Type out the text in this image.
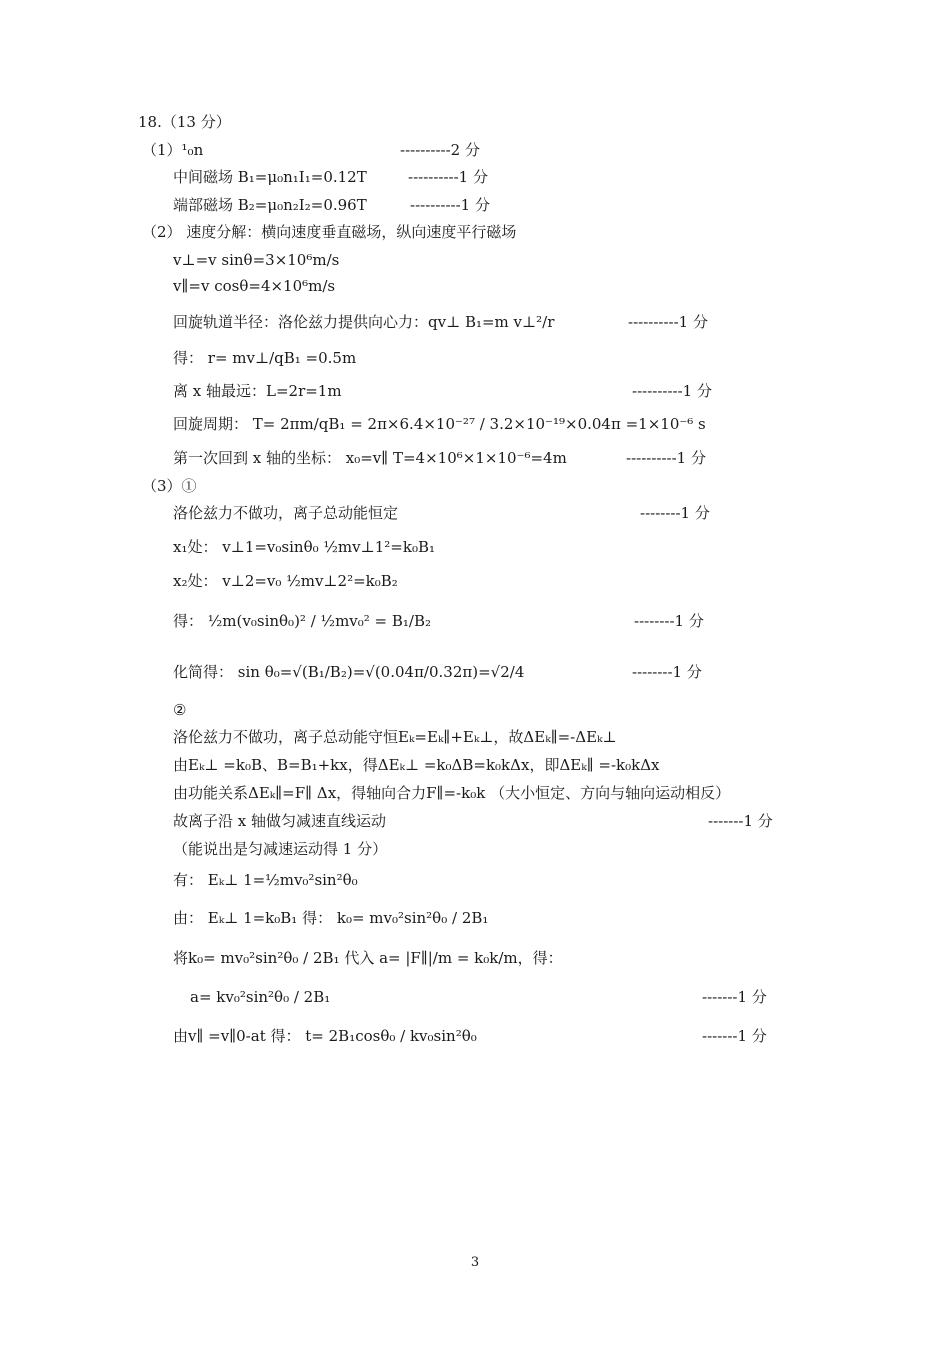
18.（13 分）
（1）¹₀n	----------2 分
中间磁场 B₁=μ₀n₁I₁=0.12T	----------1 分
端部磁场 B₂=μ₀n₂I₂=0.96T	----------1 分
（2） 速度分解：横向速度垂直磁场，纵向速度平行磁场
v⊥=v sinθ=3×10⁶m/s
v∥=v cosθ=4×10⁶m/s
回旋轨道半径：洛伦兹力提供向心力：qv⊥ B₁=m v⊥²/r	----------1 分
得： r= mv⊥/qB₁ =0.5m
离 x 轴最远：L=2r=1m	----------1 分
回旋周期： T= 2πm/qB₁ = 2π×6.4×10⁻²⁷ / 3.2×10⁻¹⁹×0.04π =1×10⁻⁶ s
第一次回到 x 轴的坐标： x₀=v∥ T=4×10⁶×1×10⁻⁶=4m	----------1 分
（3）①
洛伦兹力不做功，离子总动能恒定	--------1 分
x₁处： v⊥1=v₀sinθ₀ ½mv⊥1²=k₀B₁
x₂处： v⊥2=v₀ ½mv⊥2²=k₀B₂
得： ½m(v₀sinθ₀)² / ½mv₀² = B₁/B₂	--------1 分
化简得： sin θ₀=√(B₁/B₂)=√(0.04π/0.32π)=√2/4	--------1 分
②
洛伦兹力不做功，离子总动能守恒Eₖ=Eₖ∥+Eₖ⊥，故ΔEₖ∥=-ΔEₖ⊥
由Eₖ⊥ =k₀B、B=B₁+kx，得ΔEₖ⊥ =k₀ΔB=k₀kΔx，即ΔEₖ∥ =-k₀kΔx
由功能关系ΔEₖ∥=F∥ Δx，得轴向合力F∥=-k₀k （大小恒定、方向与轴向运动相反）
故离子沿 x 轴做匀减速直线运动	-------1 分
（能说出是匀减速运动得 1 分）
有： Eₖ⊥ 1=½mv₀²sin²θ₀
由： Eₖ⊥ 1=k₀B₁ 得： k₀= mv₀²sin²θ₀ / 2B₁
将k₀= mv₀²sin²θ₀ / 2B₁ 代入 a= |F∥|/m = k₀k/m，得：
a= kv₀²sin²θ₀ / 2B₁	-------1 分
由v∥ =v∥0-at 得： t= 2B₁cosθ₀ / kv₀sin²θ₀	-------1 分
3
